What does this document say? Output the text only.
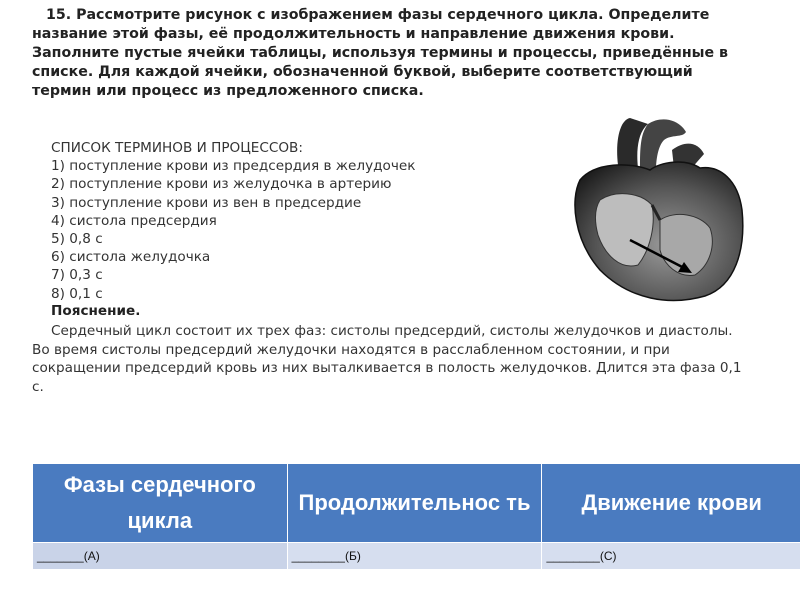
15. Рассмотрите рисунок с изображением фазы сердечного цикла. Определите название этой фазы, её продолжительность и направление движения крови. Заполните пустые ячейки таблицы, используя термины и процессы, приведённые в списке. Для каждой ячейки, обозначенной буквой, выберите соответствующий термин или процесс из предложенного списка.
СПИСОК ТЕРМИНОВ И ПРОЦЕССОВ:
1) поступление крови из предсердия в желудочек
2) поступление крови из желудочка в артерию
3) поступление крови из вен в предсердие
4) систола предсердия
5) 0,8 с
6) систола желудочка
7) 0,3 с
8) 0,1 с
Пояснение.
Сердечный цикл состоит их трех фаз: систолы предсердий, систолы желудочков и диастолы. Во время систолы предсердий желудочки находятся в расслабленном состоянии, и при сокращении предсердий кровь из них выталкивается в полость желудочков. Длится эта фаза 0,1 с.
Фазы сердечного цикла	Продолжительнос ть	Движение крови
_______(А)	________(Б)	________(С)
